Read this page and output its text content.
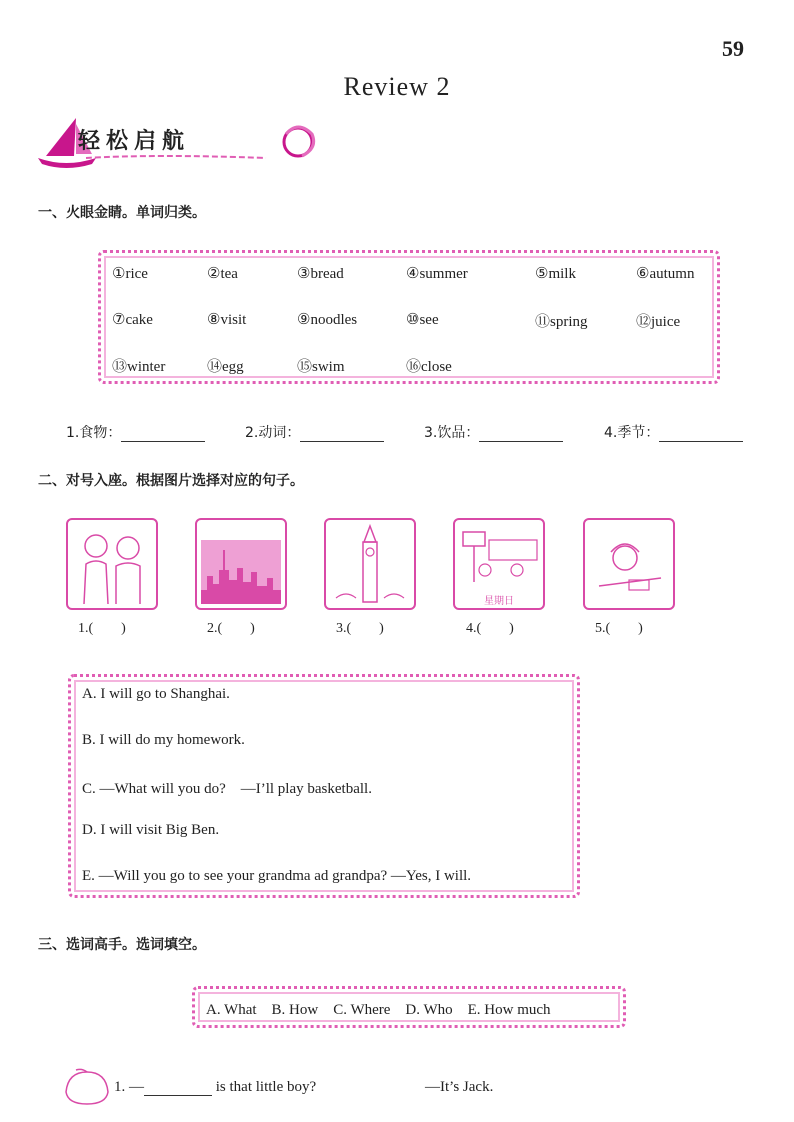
59
Review 2
轻松启航
一、火眼金睛。单词归类。
①rice	②tea	③bread	④summer	⑤milk	⑥autumn
⑦cake	⑧visit	⑨noodles	⑩see	⑪spring	⑫juice
⑬winter	⑭egg	⑮swim	⑯close
1.食物：	2.动词：	3.饮品：	4.季节：
二、对号入座。根据图片选择对应的句子。
星期日
1.(　　)	2.(　　)	3.(　　)	4.(　　)	5.(　　)
A. I will go to Shanghai.
B. I will do my homework.
C. —What will you do?　—I’ll play basketball.
D. I will visit Big Ben.
E. —Will you go to see your grandma ad grandpa? —Yes, I will.
三、选词高手。选词填空。
A. What　B. How　C. Where　D. Who　E. How much
1. —	is that little boy?	—It’s Jack.
